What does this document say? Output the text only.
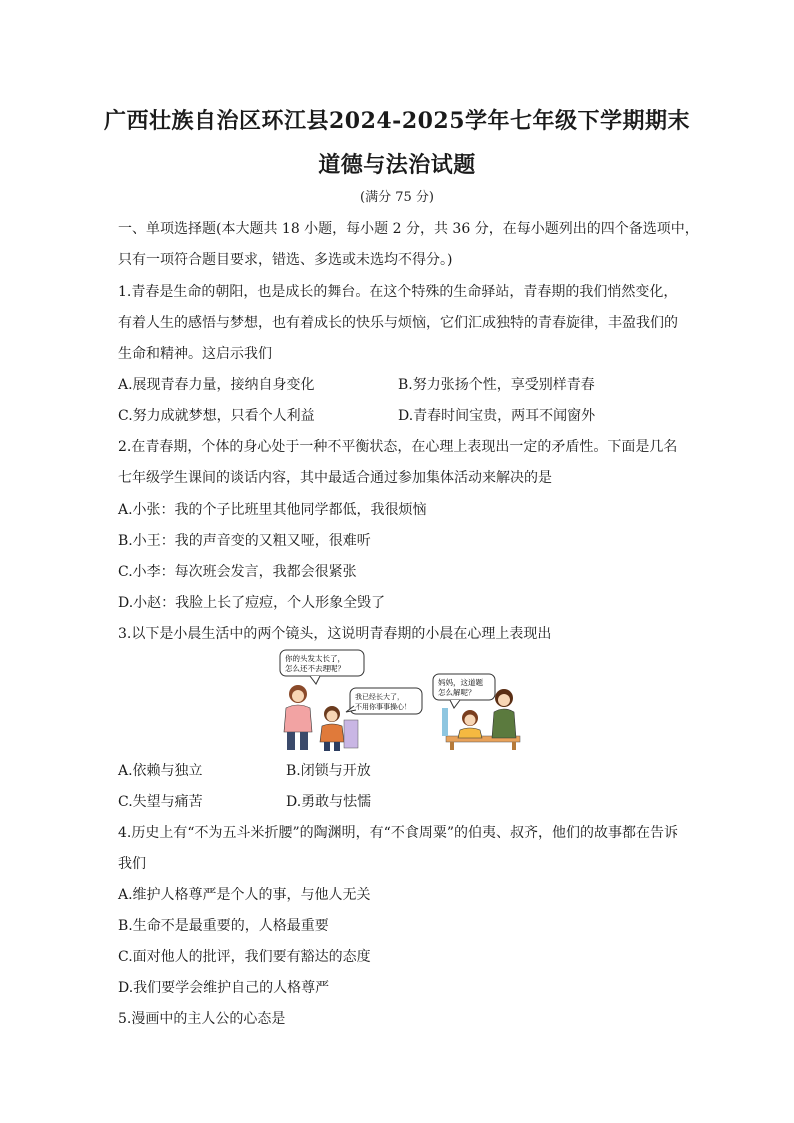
广西壮族自治区环江县2024-2025学年七年级下学期期末
道德与法治试题
(满分 75 分)
一、单项选择题(本大题共 18 小题，每小题 2 分，共 36 分，在每小题列出的四个备选项中，
只有一项符合题目要求，错选、多选或未选均不得分。)
1.青春是生命的朝阳，也是成长的舞台。在这个特殊的生命驿站，青春期的我们悄然变化，
有着人生的感悟与梦想，也有着成长的快乐与烦恼，它们汇成独特的青春旋律，丰盈我们的
生命和精神。这启示我们
A.展现青春力量，接纳自身变化	B.努力张扬个性，享受别样青春
C.努力成就梦想，只看个人利益	D.青春时间宝贵，两耳不闻窗外
2.在青春期，个体的身心处于一种不平衡状态，在心理上表现出一定的矛盾性。下面是几名
七年级学生课间的谈话内容，其中最适合通过参加集体活动来解决的是
A.小张：我的个子比班里其他同学都低，我很烦恼
B.小王：我的声音变的又粗又哑，很难听
C.小李：每次班会发言，我都会很紧张
D.小赵：我脸上长了痘痘，个人形象全毁了
3.以下是小晨生活中的两个镜头，这说明青春期的小晨在心理上表现出
你的头发太长了，
怎么还不去理呢？
我已经长大了，
不用你事事操心！
妈妈，这道题
怎么解呢？
A.依赖与独立	B.闭锁与开放
C.失望与痛苦	D.勇敢与怯懦
4.历史上有“不为五斗米折腰”的陶渊明，有“不食周粟”的伯夷、叔齐，他们的故事都在告诉
我们
A.维护人格尊严是个人的事，与他人无关
B.生命不是最重要的，人格最重要
C.面对他人的批评，我们要有豁达的态度
D.我们要学会维护自己的人格尊严
5.漫画中的主人公的心态是
